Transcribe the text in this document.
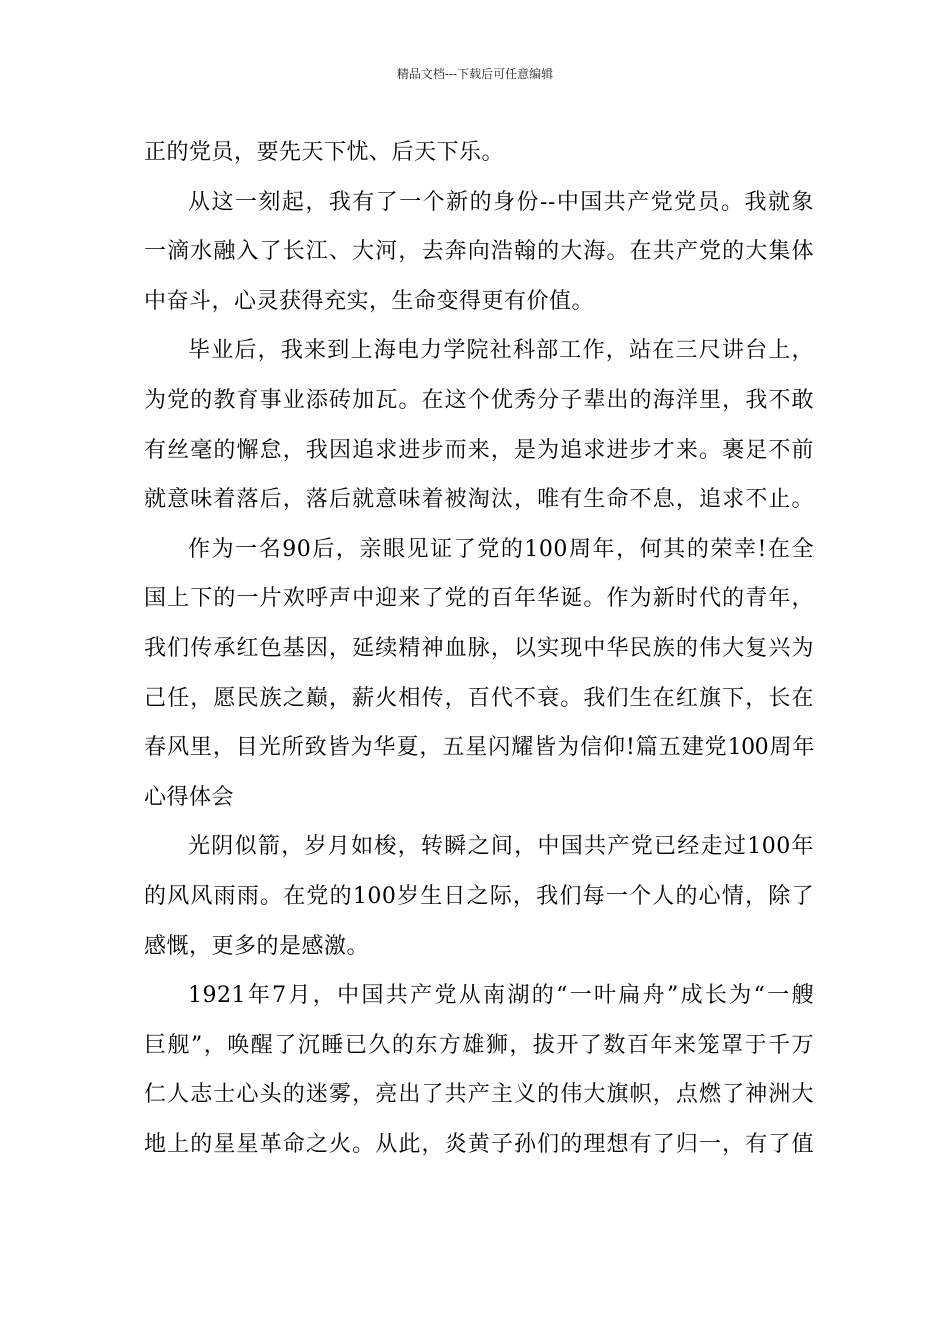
精品文档---下载后可任意编辑

正的党员，要先天下忧、后天下乐。

从这一刻起，我有了一个新的身份--中国共产党党员。我就象
一滴水融入了长江、大河，去奔向浩翰的大海。在共产党的大集体
中奋斗，心灵获得充实，生命变得更有价值。

毕业后，我来到上海电力学院社科部工作，站在三尺讲台上，
为党的教育事业添砖加瓦。在这个优秀分子辈出的海洋里，我不敢
有丝毫的懈怠，我因追求进步而来，是为追求进步才来。裹足不前
就意味着落后，落后就意味着被淘汰，唯有生命不息，追求不止。

作为一名90后，亲眼见证了党的100周年，何其的荣幸!在全
国上下的一片欢呼声中迎来了党的百年华诞。作为新时代的青年，
我们传承红色基因，延续精神血脉，以实现中华民族的伟大复兴为
己任，愿民族之巅，薪火相传，百代不衰。我们生在红旗下，长在
春风里，目光所致皆为华夏，五星闪耀皆为信仰!篇五建党100周年
心得体会

光阴似箭，岁月如梭，转瞬之间，中国共产党已经走过100年
的风风雨雨。在党的100岁生日之际，我们每一个人的心情，除了
感慨，更多的是感激。

1921年7月，中国共产党从南湖的“一叶扁舟”成长为“一艘
巨舰”，唤醒了沉睡已久的东方雄狮，拔开了数百年来笼罩于千万
仁人志士心头的迷雾，亮出了共产主义的伟大旗帜，点燃了神洲大
地上的星星革命之火。从此，炎黄子孙们的理想有了归一，有了值
